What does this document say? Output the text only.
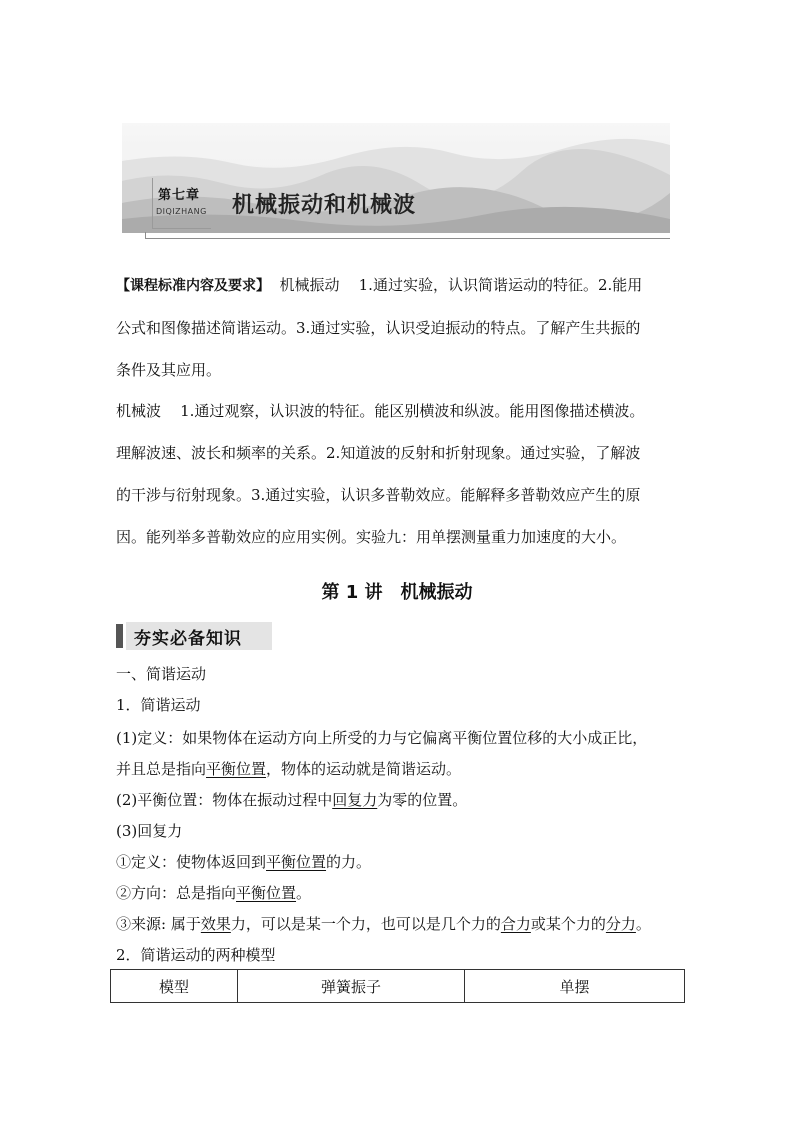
第七章
DIQIZHANG 机械振动和机械波

【课程标准内容及要求】 机械振动 1.通过实验，认识简谐运动的特征。2.能用

公式和图像描述简谐运动。3.通过实验，认识受迫振动的特点。了解产生共振的

条件及其应用。

机械波 1.通过观察，认识波的特征。能区别横波和纵波。能用图像描述横波。

理解波速、波长和频率的关系。2.知道波的反射和折射现象。通过实验，了解波

的干涉与衍射现象。3.通过实验，认识多普勒效应。能解释多普勒效应产生的原

因。能列举多普勒效应的应用实例。实验九：用单摆测量重力加速度的大小。

第 1 讲　机械振动
夯实必备知识
一、简谐运动
1．简谐运动
(1)定义：如果物体在运动方向上所受的力与它偏离平衡位置位移的大小成正比，
并且总是指向平衡位置，物体的运动就是简谐运动。
(2)平衡位置：物体在振动过程中回复力为零的位置。
(3)回复力
①定义：使物体返回到平衡位置的力。
②方向：总是指向平衡位置。
③来源: 属于效果力，可以是某一个力，也可以是几个力的合力或某个力的分力。
2．简谐运动的两种模型
模型	弹簧振子	单摆
